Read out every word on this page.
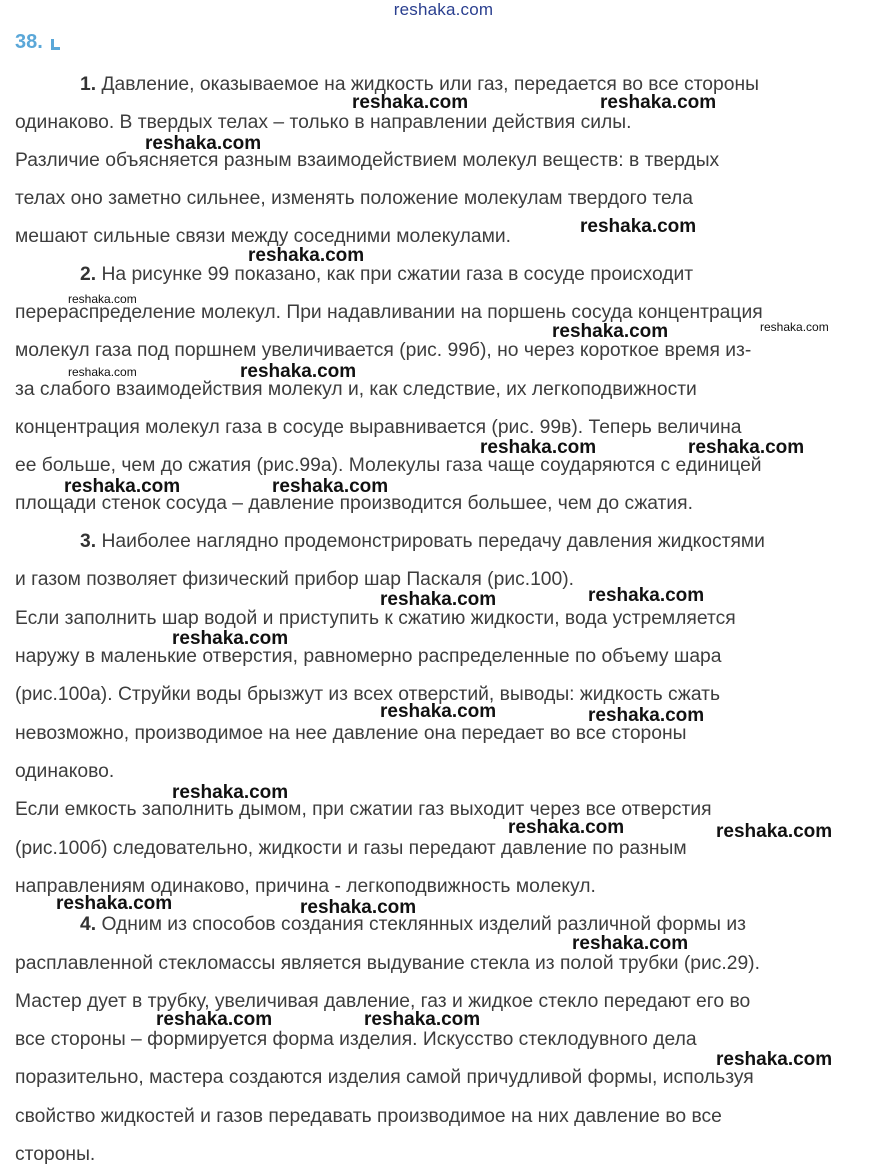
reshaka.com
38.
1. Давление, оказываемое на жидкость или газ, передается во все стороны
одинаково. В твердых телах – только в направлении действия силы.
Различие объясняется разным взаимодействием молекул веществ: в твердых
телах оно заметно сильнее, изменять положение молекулам твердого тела
мешают сильные связи между соседними молекулами.
2. На рисунке 99 показано, как при сжатии газа в сосуде происходит
перераспределение молекул. При надавливании на поршень сосуда концентрация
молекул газа под поршнем увеличивается (рис. 99б), но через короткое время из-
за слабого взаимодействия молекул и, как следствие, их легкоподвижности
концентрация молекул газа в сосуде выравнивается (рис. 99в). Теперь величина
ее больше, чем до сжатия (рис.99а). Молекулы газа чаще соударяются с единицей
площади стенок сосуда – давление производится большее, чем до сжатия.
3. Наиболее наглядно продемонстрировать передачу давления жидкостями
и газом позволяет физический прибор шар Паскаля (рис.100).
Если заполнить шар водой и приступить к сжатию жидкости, вода устремляется
наружу в маленькие отверстия, равномерно распределенные по объему шара
(рис.100а). Струйки воды брызжут из всех отверстий, выводы: жидкость сжать
невозможно, производимое на нее давление она передает во все стороны
одинаково.
Если емкость заполнить дымом, при сжатии газ выходит через все отверстия
(рис.100б) следовательно, жидкости и газы передают давление по разным
направлениям одинаково, причина - легкоподвижность молекул.
4. Одним из способов создания стеклянных изделий различной формы из
расплавленной стекломассы является выдувание стекла из полой трубки (рис.29).
Мастер дует в трубку, увеличивая давление, газ и жидкое стекло передают его во
все стороны – формируется форма изделия. Искусство стеклодувного дела
поразительно, мастера создаются изделия самой причудливой формы, используя
свойство жидкостей и газов передавать производимое на них давление во все
стороны.
reshaka.com	reshaka.com
reshaka.com
reshaka.com
reshaka.com
reshaka.com
reshaka.com	reshaka.com
reshaka.com	reshaka.com
reshaka.com	reshaka.com
reshaka.com	reshaka.com
reshaka.com	reshaka.com
reshaka.com
reshaka.com	reshaka.com
reshaka.com
reshaka.com	reshaka.com
reshaka.com	reshaka.com
reshaka.com
reshaka.com	reshaka.com
reshaka.com
